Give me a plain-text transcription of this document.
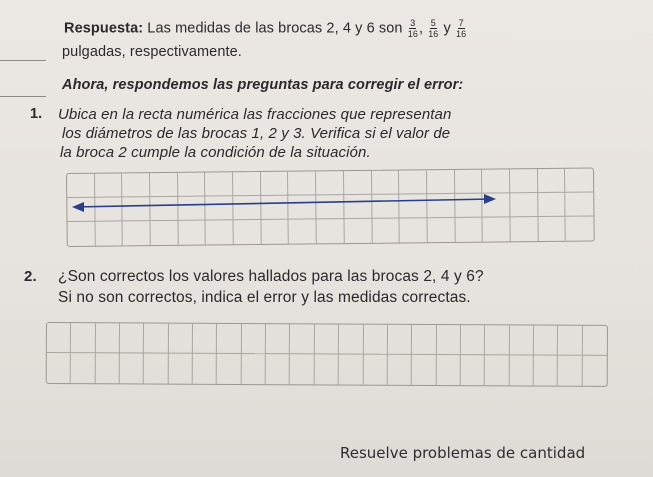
Respuesta: Las medidas de las brocas 2, 4 y 6 son $\frac{3}{16}$ , $\frac{5}{16}$ y $\frac{7}{16}$
pulgadas, respectivamente.
Ahora, respondemos las preguntas para corregir el error:
1. Ubica en la recta numérica las fracciones que representan
los diámetros de las brocas 1, 2 y 3. Verifica si el valor de
la broca 2 cumple la condición de la situación.
2. ¿Son correctos los valores hallados para las brocas 2, 4 y 6?
Si no son correctos, indica el error y las medidas correctas.
Resuelve problemas de cantidad
